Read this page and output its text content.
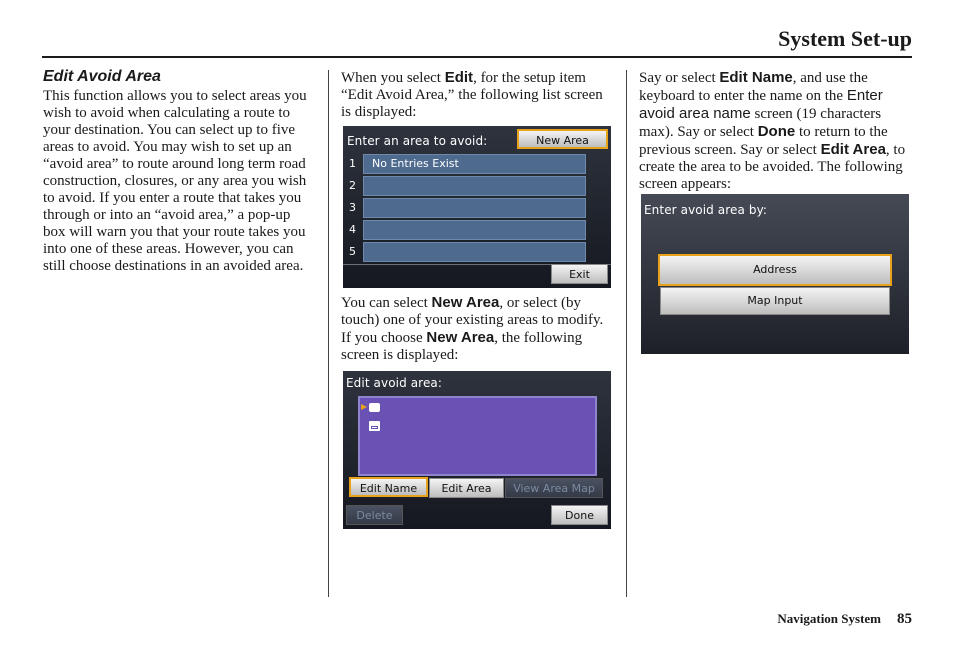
System Set-up
Edit Avoid Area
This function allows you to select areas you wish to avoid when calculating a route to your destination. You can select up to five areas to avoid. You may wish to set up an “avoid area” to route around long term road construction, closures, or any area you wish to avoid. If you enter a route that takes you through or into an “avoid area,” a pop-up box will warn you that your route takes you into one of these areas. However, you can still choose destinations in an avoided area.
When you select Edit, for the setup item “Edit Avoid Area,” the following list screen is displayed:
You can select New Area, or select (by touch) one of your existing areas to modify. If you choose New Area, the following screen is displayed:
Say or select Edit Name, and use the keyboard to enter the name on the Enter avoid area name screen (19 characters max). Say or select Done to return to the previous screen. Say or select Edit Area, to create the area to be avoided. The following screen appears:
Enter an area to avoid:	New Area
1	No Entries Exist
2
3
4
5
Exit
Edit avoid area:
Edit Name	Edit Area	View Area Map
Delete	Done
Enter avoid area by:
Address
Map Input
Navigation System 85
